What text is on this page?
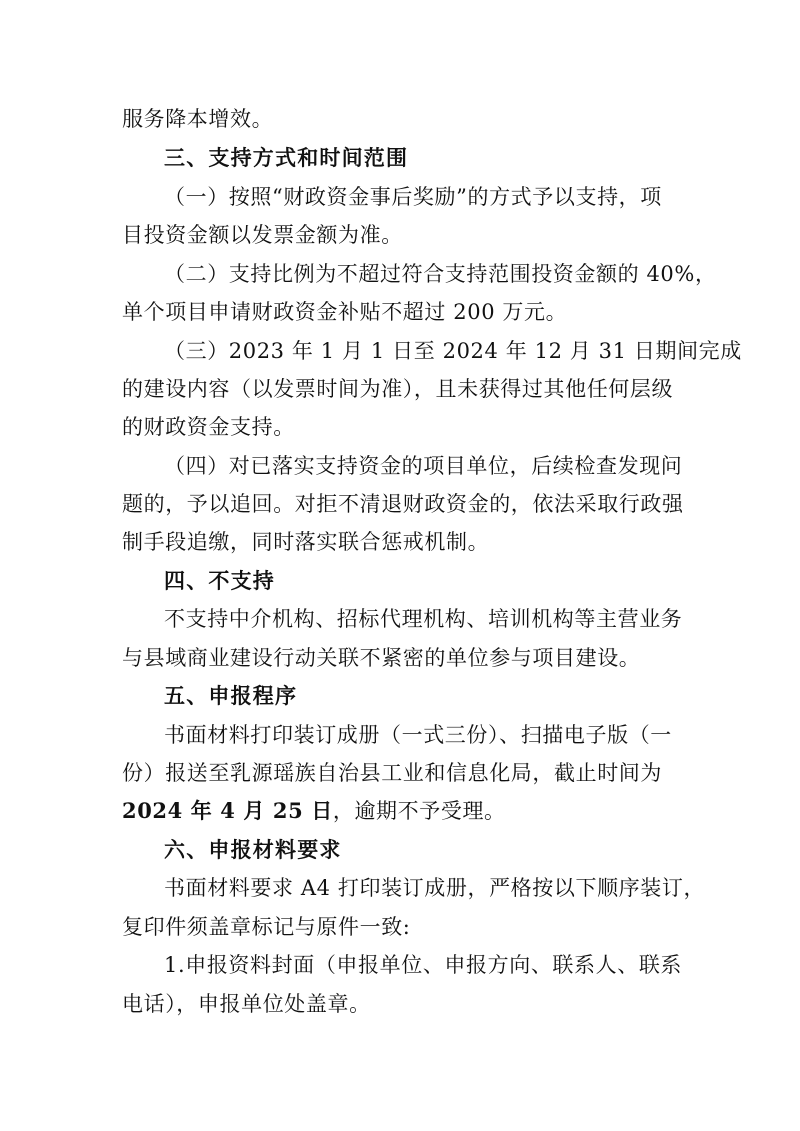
服务降本增效。
三、支持方式和时间范围
（一）按照“财政资金事后奖励”的方式予以支持，项
目投资金额以发票金额为准。
（二）支持比例为不超过符合支持范围投资金额的 40%，
单个项目申请财政资金补贴不超过 200 万元。
（三）2023 年 1 月 1 日至 2024 年 12 月 31 日期间完成
的建设内容（以发票时间为准），且未获得过其他任何层级
的财政资金支持。
（四）对已落实支持资金的项目单位，后续检查发现问
题的，予以追回。对拒不清退财政资金的，依法采取行政强
制手段追缴，同时落实联合惩戒机制。
四、不支持
不支持中介机构、招标代理机构、培训机构等主营业务
与县域商业建设行动关联不紧密的单位参与项目建设。
五、申报程序
书面材料打印装订成册（一式三份）、扫描电子版（一
份）报送至乳源瑶族自治县工业和信息化局，截止时间为
2024 年 4 月 25 日，逾期不予受理。
六、申报材料要求
书面材料要求 A4 打印装订成册，严格按以下顺序装订，
复印件须盖章标记与原件一致:
1.申报资料封面（申报单位、申报方向、联系人、联系
电话），申报单位处盖章。
